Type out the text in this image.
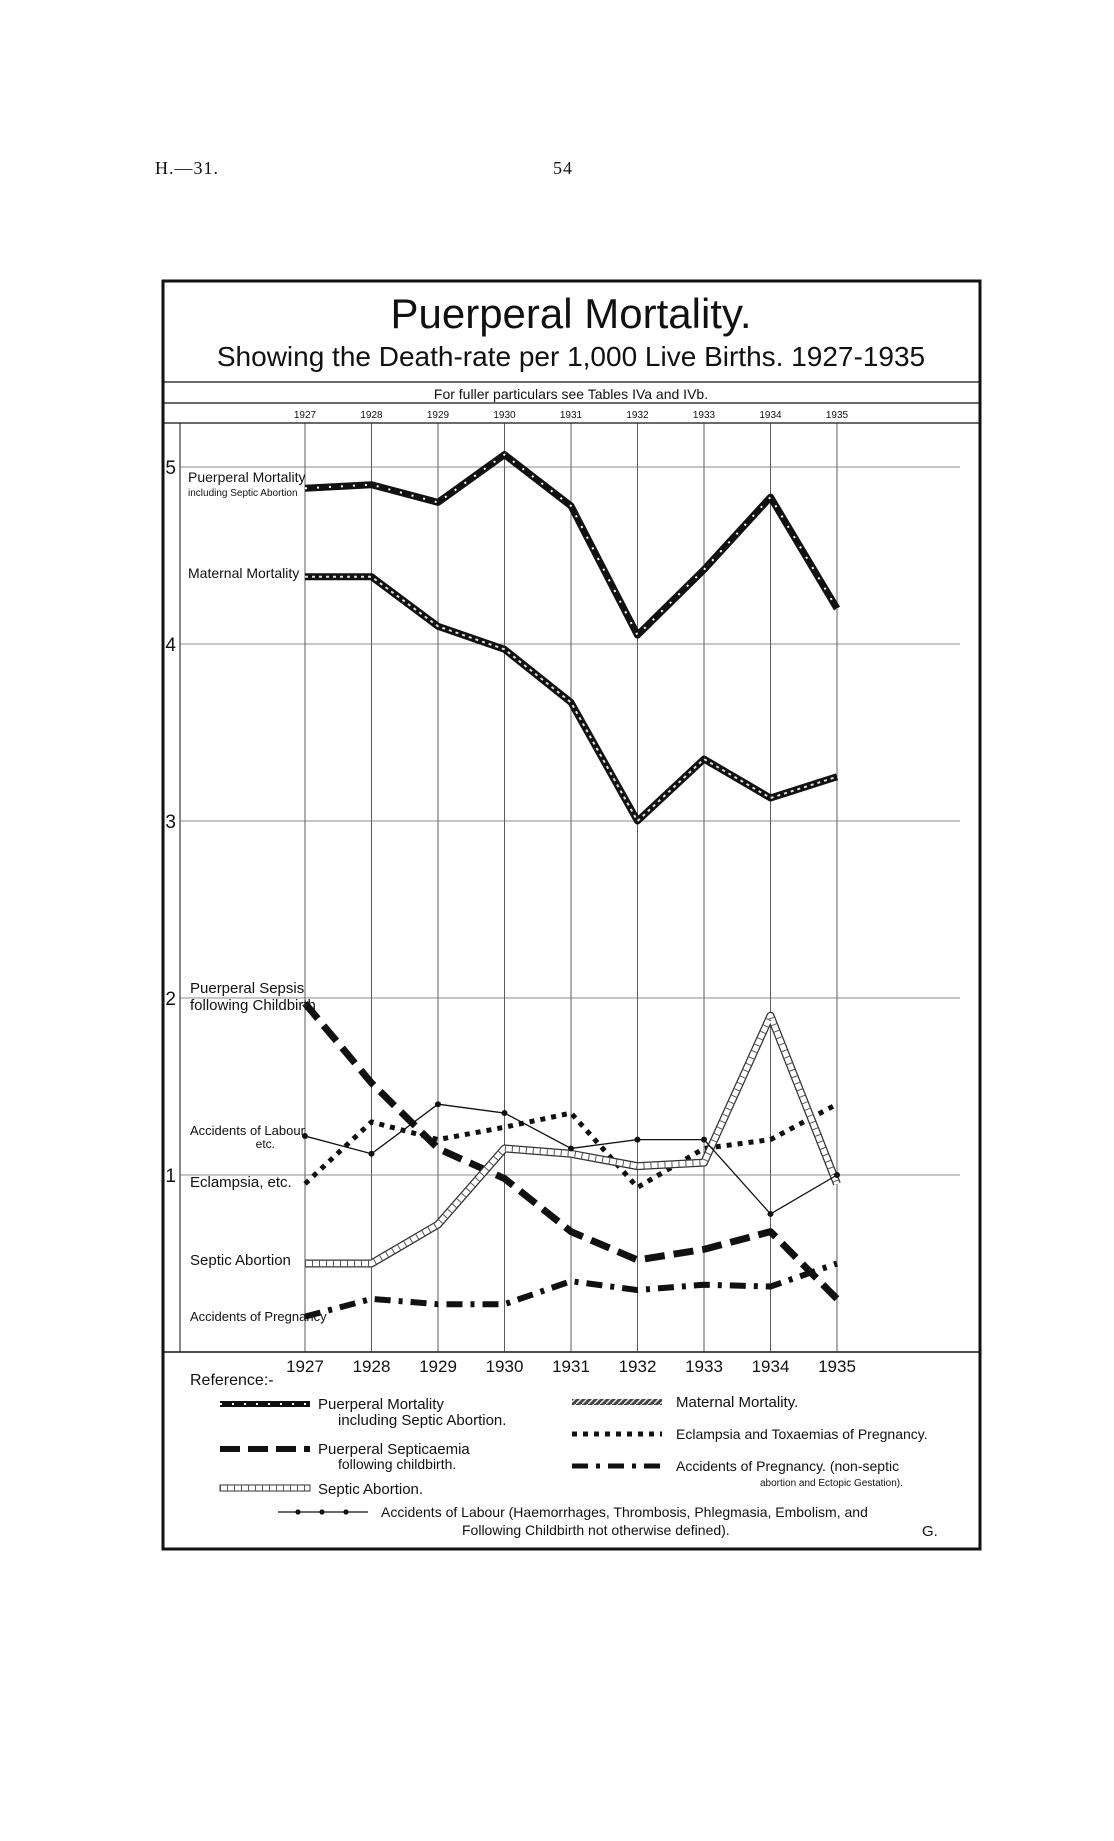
H.—31.	54
Puerperal Mortality.
Showing the Death-rate per 1,000 Live Births. 1927-1935
For fuller particulars see Tables IVa and IVb.
1927	1928	1929	1930	1931	1932	1933	1934	1935
1927 1928 1929 1930 1931 1932 1933 1934 1935
1
2
3
4
5 Puerperal Mortality
including Septic Abortion
Maternal Mortality
Puerperal Sepsis
following Childbirth
Accidents of Labour,
etc.
Eclampsia, etc.
Septic Abortion
Accidents of Pregnancy
Reference:-
Puerperal Mortality
including Septic Abortion.
Maternal Mortality.
Puerperal Septicaemia
following childbirth.
Eclampsia and Toxaemias of Pregnancy.
Accidents of Pregnancy. (non-septic
abortion and Ectopic Gestation).
Septic Abortion.
Accidents of Labour (Haemorrhages, Thrombosis, Phlegmasia, Embolism, and
Following Childbirth not otherwise defined).	G.
